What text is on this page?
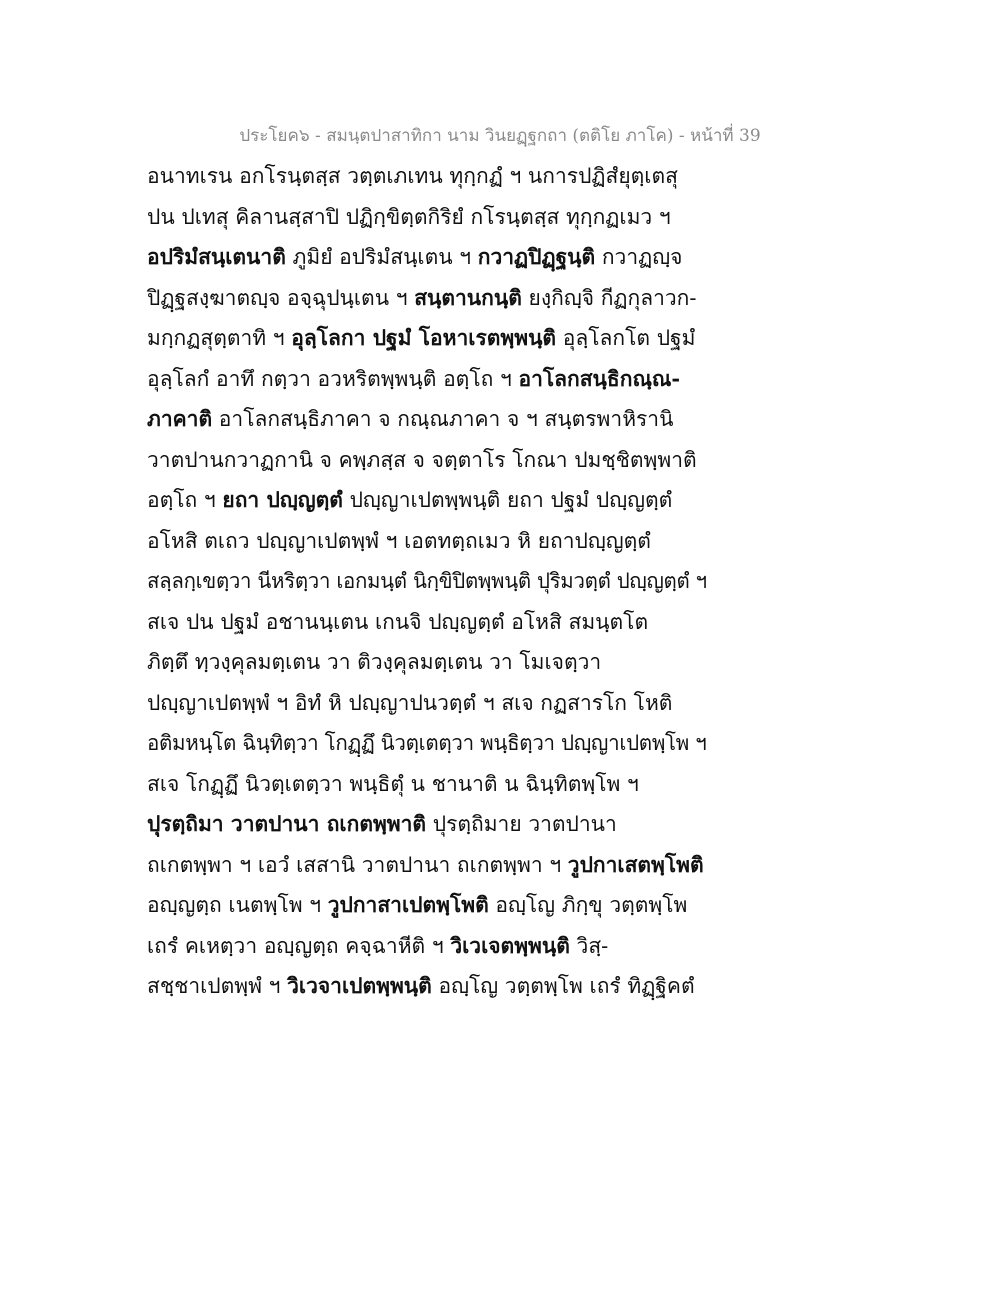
ประโยค๖ - สมนฺตปาสาทิกา นาม วินยฏฺฐกถา (ตติโย ภาโค) - หน้าที่ 39
อนาทเรน อกโรนฺตสฺส วตฺตเภเทน ทุกฺกฏํ ฯ นการปฏิสํยุตฺเตสุ
ปน ปเทสุ คิลานสฺสาปิ ปฏิกฺขิตฺตกิริยํ กโรนฺตสฺส ทุกฺกฏเมว ฯ
อปริมํสนฺเตนาติ ภูมิยํ อปริมํสนฺเตน ฯ กวาฏปิฏฺฐนฺติ กวาฏญฺจ
ปิฏฺฐสงฺฆาตญฺจ อจฺฉุปนฺเตน ฯ สนฺตานกนฺติ ยงฺกิญฺจิ กีฏกุลาวก-
มกฺกฏสุตฺตาทิ ฯ อุลฺโลกา ปฐมํ โอหาเรตพฺพนฺติ อุลฺโลกโต ปฐมํ
อุลฺโลกํ อาทึ กตฺวา อวหริตพฺพนฺติ อตฺโถ ฯ อาโลกสนฺธิกณฺณ-
ภาคาติ อาโลกสนฺธิภาคา จ กณฺณภาคา จ ฯ สนฺตรพาหิรานิ
วาตปานกวาฏกานิ จ คพฺภสฺส จ จตฺตาโร โกณา ปมชฺชิตพฺพาติ
อตฺโถ ฯ ยถา ปญฺญตฺตํ ปญฺญาเปตพฺพนฺติ ยถา ปฐมํ ปญฺญตฺตํ
อโหสิ ตเถว ปญฺญาเปตพฺพํ ฯ เอตทตฺถเมว หิ ยถาปญฺญตฺตํ
สลฺลกฺเขตฺวา นีหริตฺวา เอกมนฺตํ นิกฺขิปิตพฺพนฺติ ปุริมวตฺตํ ปญฺญตฺตํ ฯ
สเจ ปน ปฐมํ อชานนฺเตน เกนจิ ปญฺญตฺตํ อโหสิ สมนฺตโต
ภิตฺตึ ทฺวงฺคุลมตฺเตน วา ติวงฺคุลมตฺเตน วา โมเจตฺวา
ปญฺญาเปตพฺพํ ฯ อิทํ หิ ปญฺญาปนวตฺตํ ฯ สเจ กฏสารโก โหติ
อติมหนฺโต ฉินฺทิตฺวา โกฏฺฏึ นิวตฺเตตฺวา พนฺธิตฺวา ปญฺญาเปตพฺโพ ฯ
สเจ โกฏฺฏึ นิวตฺเตตฺวา พนฺธิตุํ น ชานาติ น ฉินฺทิตพฺโพ ฯ
ปุรตฺถิมา วาตปานา ถเกตพฺพาติ ปุรตฺถิมาย วาตปานา
ถเกตพฺพา ฯ เอวํ เสสานิ วาตปานา ถเกตพฺพา ฯ วูปกาเสตพฺโพติ
อญฺญตฺถ เนตพฺโพ ฯ วูปกาสาเปตพฺโพติ อญฺโญ ภิกฺขุ วตฺตพฺโพ
เถรํ คเหตฺวา อญฺญตฺถ คจฺฉาหีติ ฯ วิเวเจตพฺพนฺติ วิสฺ-
สชฺชาเปตพฺพํ ฯ วิเวจาเปตพฺพนฺติ อญฺโญ วตฺตพฺโพ เถรํ ทิฏฺฐิคตํ
